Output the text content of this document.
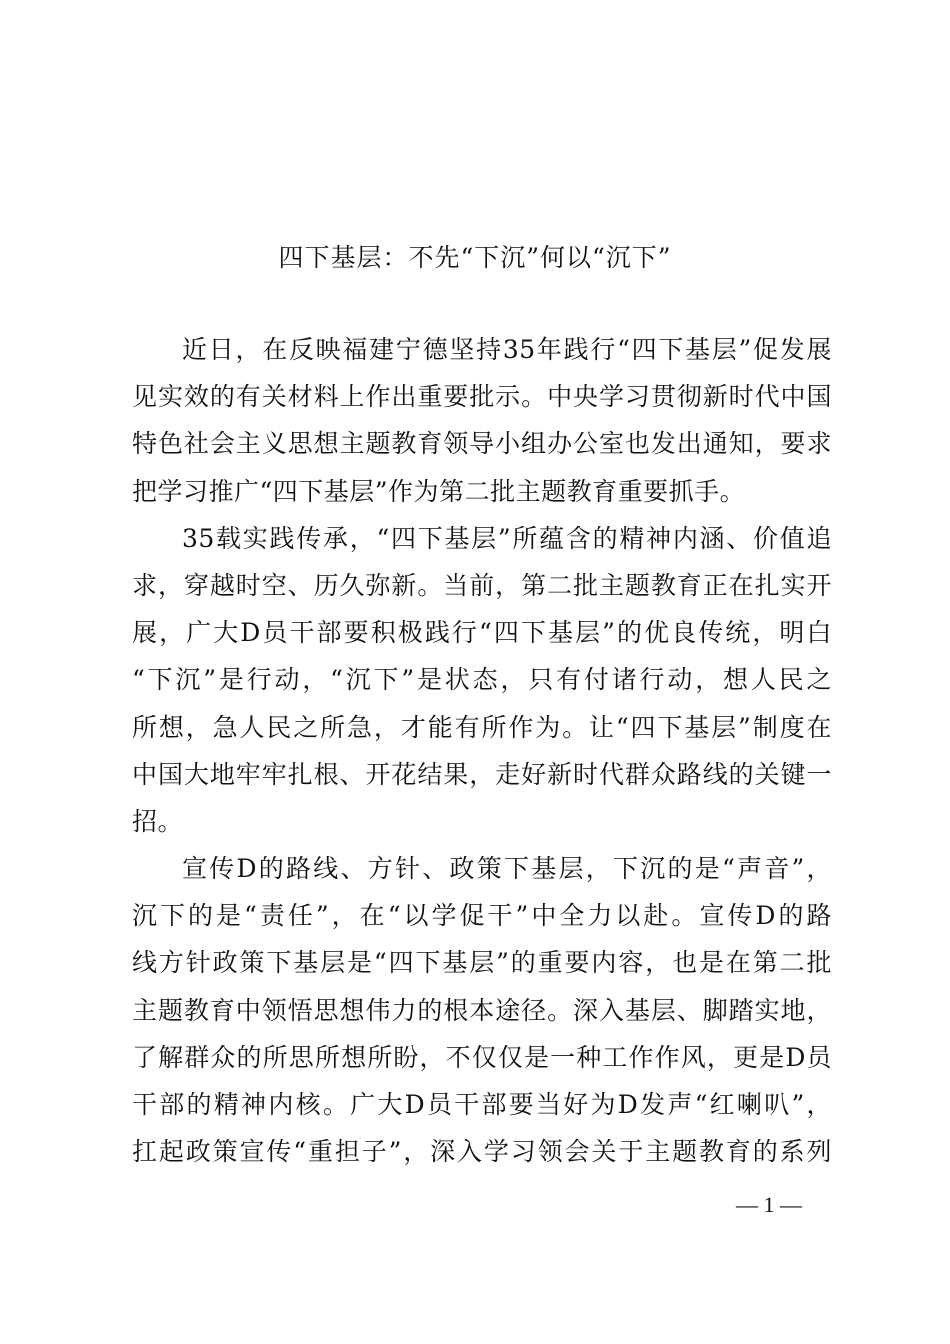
四下基层：不先“下沉”何以“沉下”
近日，在反映福建宁德坚持35年践行“四下基层”促发展
见实效的有关材料上作出重要批示。中央学习贯彻新时代中国
特色社会主义思想主题教育领导小组办公室也发出通知，要求
把学习推广“四下基层”作为第二批主题教育重要抓手。
35载实践传承，“四下基层”所蕴含的精神内涵、价值追
求，穿越时空、历久弥新。当前，第二批主题教育正在扎实开
展，广大D员干部要积极践行“四下基层”的优良传统，明白
“下沉”是行动，“沉下”是状态，只有付诸行动，想人民之
所想，急人民之所急，才能有所作为。让“四下基层”制度在
中国大地牢牢扎根、开花结果，走好新时代群众路线的关键一
招。
宣传D的路线、方针、政策下基层，下沉的是“声音”，
沉下的是“责任”，在“以学促干”中全力以赴。宣传D的路
线方针政策下基层是“四下基层”的重要内容，也是在第二批
主题教育中领悟思想伟力的根本途径。深入基层、脚踏实地，
了解群众的所思所想所盼，不仅仅是一种工作作风，更是D员
干部的精神内核。广大D员干部要当好为D发声“红喇叭”，
扛起政策宣传“重担子”，深入学习领会关于主题教育的系列
— 1 —
